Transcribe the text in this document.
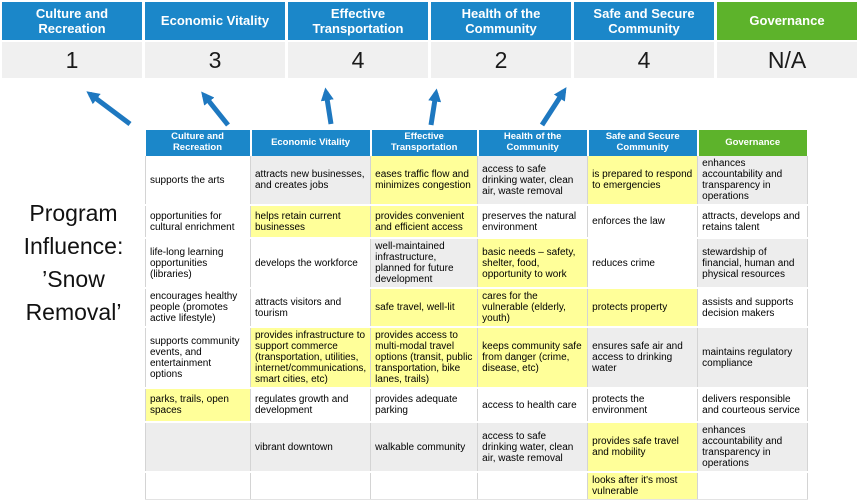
Culture and Recreation
Economic Vitality
Effective Transportation
Health of the Community
Safe and Secure Community
Governance
1	3	4	2	4	N/A
Program
Influence:
’Snow
Removal’
Culture and Recreation	Economic Vitality	Effective Transportation	Health of the Community	Safe and Secure Community	Governance
supports the arts	attracts new businesses, and creates jobs	eases traffic flow and minimizes congestion	access to safe drinking water, clean air, waste removal	is prepared to respond to emergencies	enhances accountability and transparency in operations
opportunities for cultural enrichment	helps retain current businesses	provides convenient and efficient access	preserves the natural environment	enforces the law	attracts, develops and retains talent
life-long learning opportunities (libraries)	develops the workforce	well-maintained infrastructure, planned for future development	basic needs – safety, shelter, food, opportunity to work	reduces crime	stewardship of financial, human and physical resources
encourages healthy people (promotes active lifestyle)	attracts visitors and tourism	safe travel, well-lit	cares for the vulnerable (elderly, youth)	protects property	assists and supports decision makers
supports community events, and entertainment options	provides infrastructure to support commerce (transportation, utilities, internet/communications, smart cities, etc)	provides access to multi-modal travel options (transit, public transportation, bike lanes, trails)	keeps community safe from danger (crime, disease, etc)	ensures safe air and access to drinking water	maintains regulatory compliance
parks, trails, open spaces	regulates growth and development	provides adequate parking	access to health care	protects the environment	delivers responsible and courteous service
	vibrant downtown	walkable community	access to safe drinking water, clean air, waste removal	provides safe travel and mobility	enhances accountability and transparency in operations
				looks after it's most vulnerable	
